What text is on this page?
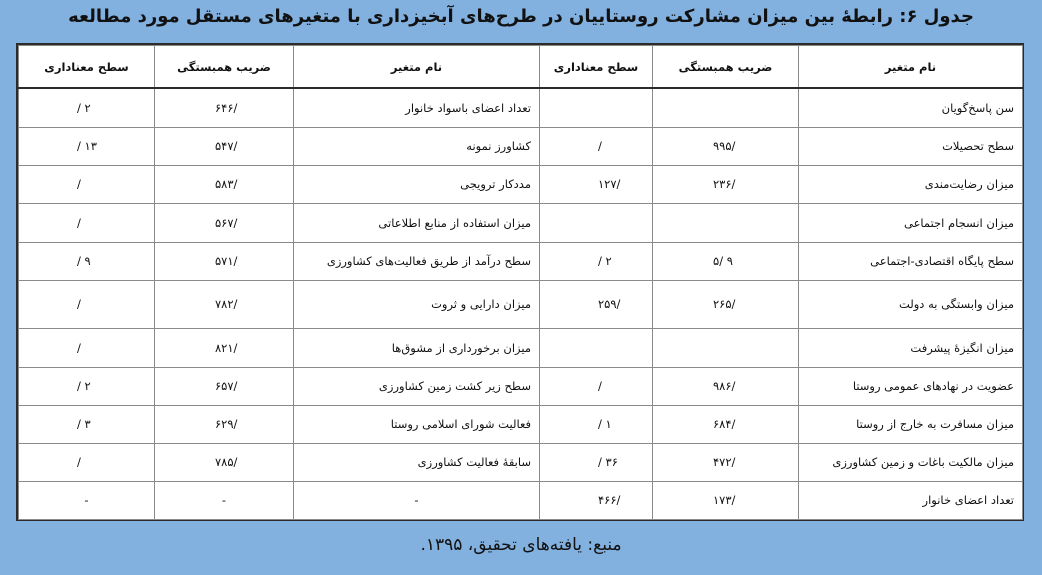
جدول ۶: رابطهٔ بین میزان مشارکت روستاییان در طرح‌های آبخیزداری با متغیرهای مستقل مورد مطالعه
نام متغیر	ضریب همبستگی	سطح معناداری	نام متغیر	ضریب همبستگی	سطح معناداری
سن پاسخ‌گویان			تعداد اعضای باسواد خانوار	/۶۴۶	۲ /
سطح تحصیلات	/۹۹۵	/	کشاورز نمونه	/۵۴۷	۱۳ /
میزان رضایت‌مندی	/۲۳۶	/۱۲۷	مددکار ترویجی	/۵۸۳	/
میزان انسجام اجتماعی			میزان استفاده از منابع اطلاعاتی	/۵۶۷	/
سطح پایگاه اقتصادی-اجتماعی	۹ /۵	۲ /	سطح درآمد از طریق فعالیت‌های کشاورزی	/۵۷۱	۹ /
میزان وابستگی به دولت	/۲۶۵	/۲۵۹	میزان دارایی و ثروت	/۷۸۲	/
میزان انگیزهٔ پیشرفت			میزان برخورداری از مشوق‌ها	/۸۲۱	/
عضویت در نهادهای عمومی روستا	/۹۸۶	/	سطح زیر کشت زمین کشاورزی	/۶۵۷	۲ /
میزان مسافرت به خارج از روستا	/۶۸۴	۱ /	فعالیت شورای اسلامی روستا	/۶۲۹	۳ /
میزان مالکیت باغات و زمین کشاورزی	/۴۷۲	۳۶ /	سابقهٔ فعالیت کشاورزی	/۷۸۵	/
تعداد اعضای خانوار	/۱۷۳	/۴۶۶	-	-	-
منبع: یافته‌های تحقیق، ۱۳۹۵.
